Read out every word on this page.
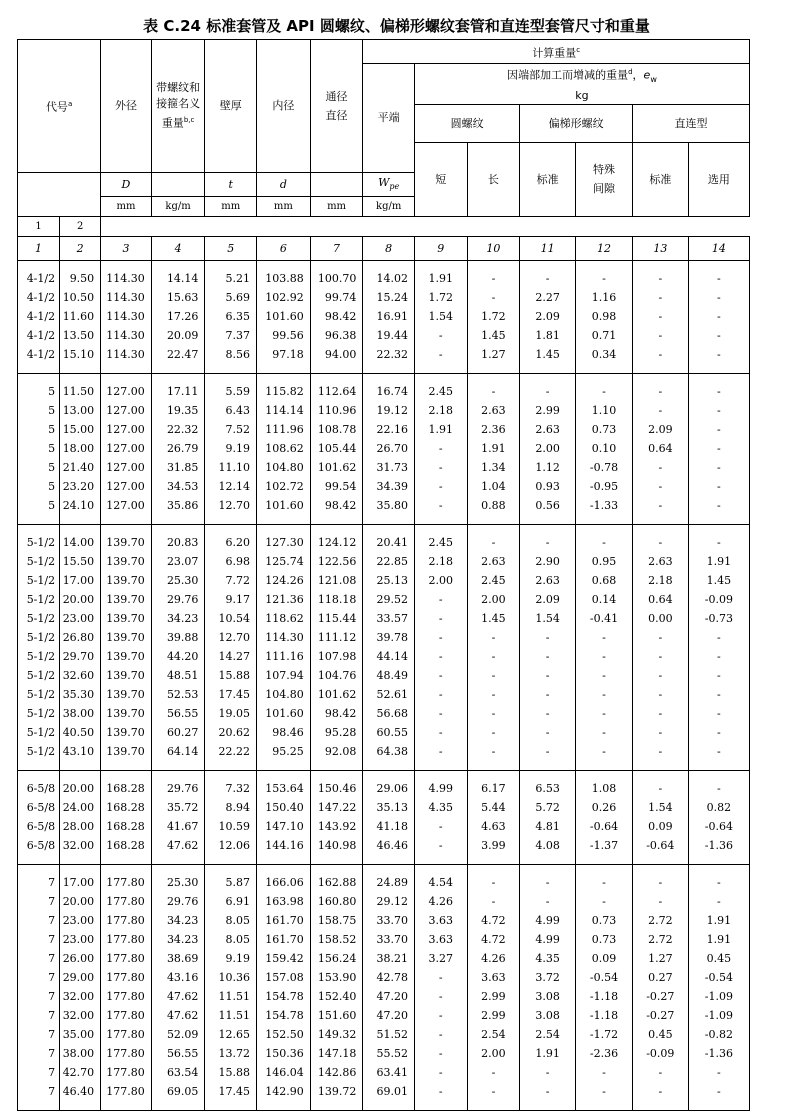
表 C.24 标准套管及 API 圆螺纹、偏梯形螺纹套管和直连型套管尺寸和重量
代号$^a$		外径	带螺纹和接箍名义重量$^{b,c}$	壁厚	内径	通径直径	计算重量$^c$
							平端	因端部加工而增减的重量$^d$，$e_w$
kg					
								圆螺纹		偏梯形螺纹		直连型	
								短	长	标准	特殊间隙	标准	选用
		D		t	d		$W_{pe}$
		mm	kg/m	mm	mm	mm	kg/m						
1	2												
1	2	3	4	5	6	7	8	9	10	11	12	13	14
4-1/2	9.50	114.30	14.14	5.21	103.88	100.70	14.02	1.91	-	-	-	-	-
4-1/2	10.50	114.30	15.63	5.69	102.92	99.74	15.24	1.72	-	2.27	1.16	-	-
4-1/2	11.60	114.30	17.26	6.35	101.60	98.42	16.91	1.54	1.72	2.09	0.98	-	-
4-1/2	13.50	114.30	20.09	7.37	99.56	96.38	19.44	-	1.45	1.81	0.71	-	-
4-1/2	15.10	114.30	22.47	8.56	97.18	94.00	22.32	-	1.27	1.45	0.34	-	-
5	11.50	127.00	17.11	5.59	115.82	112.64	16.74	2.45	-	-	-	-	-
5	13.00	127.00	19.35	6.43	114.14	110.96	19.12	2.18	2.63	2.99	1.10	-	-
5	15.00	127.00	22.32	7.52	111.96	108.78	22.16	1.91	2.36	2.63	0.73	2.09	-
5	18.00	127.00	26.79	9.19	108.62	105.44	26.70	-	1.91	2.00	0.10	0.64	-
5	21.40	127.00	31.85	11.10	104.80	101.62	31.73	-	1.34	1.12	-0.78	-	-
5	23.20	127.00	34.53	12.14	102.72	99.54	34.39	-	1.04	0.93	-0.95	-	-
5	24.10	127.00	35.86	12.70	101.60	98.42	35.80	-	0.88	0.56	-1.33	-	-
5-1/2	14.00	139.70	20.83	6.20	127.30	124.12	20.41	2.45	-	-	-	-	-
5-1/2	15.50	139.70	23.07	6.98	125.74	122.56	22.85	2.18	2.63	2.90	0.95	2.63	1.91
5-1/2	17.00	139.70	25.30	7.72	124.26	121.08	25.13	2.00	2.45	2.63	0.68	2.18	1.45
5-1/2	20.00	139.70	29.76	9.17	121.36	118.18	29.52	-	2.00	2.09	0.14	0.64	-0.09
5-1/2	23.00	139.70	34.23	10.54	118.62	115.44	33.57	-	1.45	1.54	-0.41	0.00	-0.73
5-1/2	26.80	139.70	39.88	12.70	114.30	111.12	39.78	-	-	-	-	-	-
5-1/2	29.70	139.70	44.20	14.27	111.16	107.98	44.14	-	-	-	-	-	-
5-1/2	32.60	139.70	48.51	15.88	107.94	104.76	48.49	-	-	-	-	-	-
5-1/2	35.30	139.70	52.53	17.45	104.80	101.62	52.61	-	-	-	-	-	-
5-1/2	38.00	139.70	56.55	19.05	101.60	98.42	56.68	-	-	-	-	-	-
5-1/2	40.50	139.70	60.27	20.62	98.46	95.28	60.55	-	-	-	-	-	-
5-1/2	43.10	139.70	64.14	22.22	95.25	92.08	64.38	-	-	-	-	-	-
6-5/8	20.00	168.28	29.76	7.32	153.64	150.46	29.06	4.99	6.17	6.53	1.08	-	-
6-5/8	24.00	168.28	35.72	8.94	150.40	147.22	35.13	4.35	5.44	5.72	0.26	1.54	0.82
6-5/8	28.00	168.28	41.67	10.59	147.10	143.92	41.18	-	4.63	4.81	-0.64	0.09	-0.64
6-5/8	32.00	168.28	47.62	12.06	144.16	140.98	46.46	-	3.99	4.08	-1.37	-0.64	-1.36
7	17.00	177.80	25.30	5.87	166.06	162.88	24.89	4.54	-	-	-	-	-
7	20.00	177.80	29.76	6.91	163.98	160.80	29.12	4.26	-	-	-	-	-
7	23.00	177.80	34.23	8.05	161.70	158.75	33.70	3.63	4.72	4.99	0.73	2.72	1.91
7	23.00	177.80	34.23	8.05	161.70	158.52	33.70	3.63	4.72	4.99	0.73	2.72	1.91
7	26.00	177.80	38.69	9.19	159.42	156.24	38.21	3.27	4.26	4.35	0.09	1.27	0.45
7	29.00	177.80	43.16	10.36	157.08	153.90	42.78	-	3.63	3.72	-0.54	0.27	-0.54
7	32.00	177.80	47.62	11.51	154.78	152.40	47.20	-	2.99	3.08	-1.18	-0.27	-1.09
7	32.00	177.80	47.62	11.51	154.78	151.60	47.20	-	2.99	3.08	-1.18	-0.27	-1.09
7	35.00	177.80	52.09	12.65	152.50	149.32	51.52	-	2.54	2.54	-1.72	0.45	-0.82
7	38.00	177.80	56.55	13.72	150.36	147.18	55.52	-	2.00	1.91	-2.36	-0.09	-1.36
7	42.70	177.80	63.54	15.88	146.04	142.86	63.41	-	-	-	-	-	-
7	46.40	177.80	69.05	17.45	142.90	139.72	69.01	-	-	-	-	-	-
